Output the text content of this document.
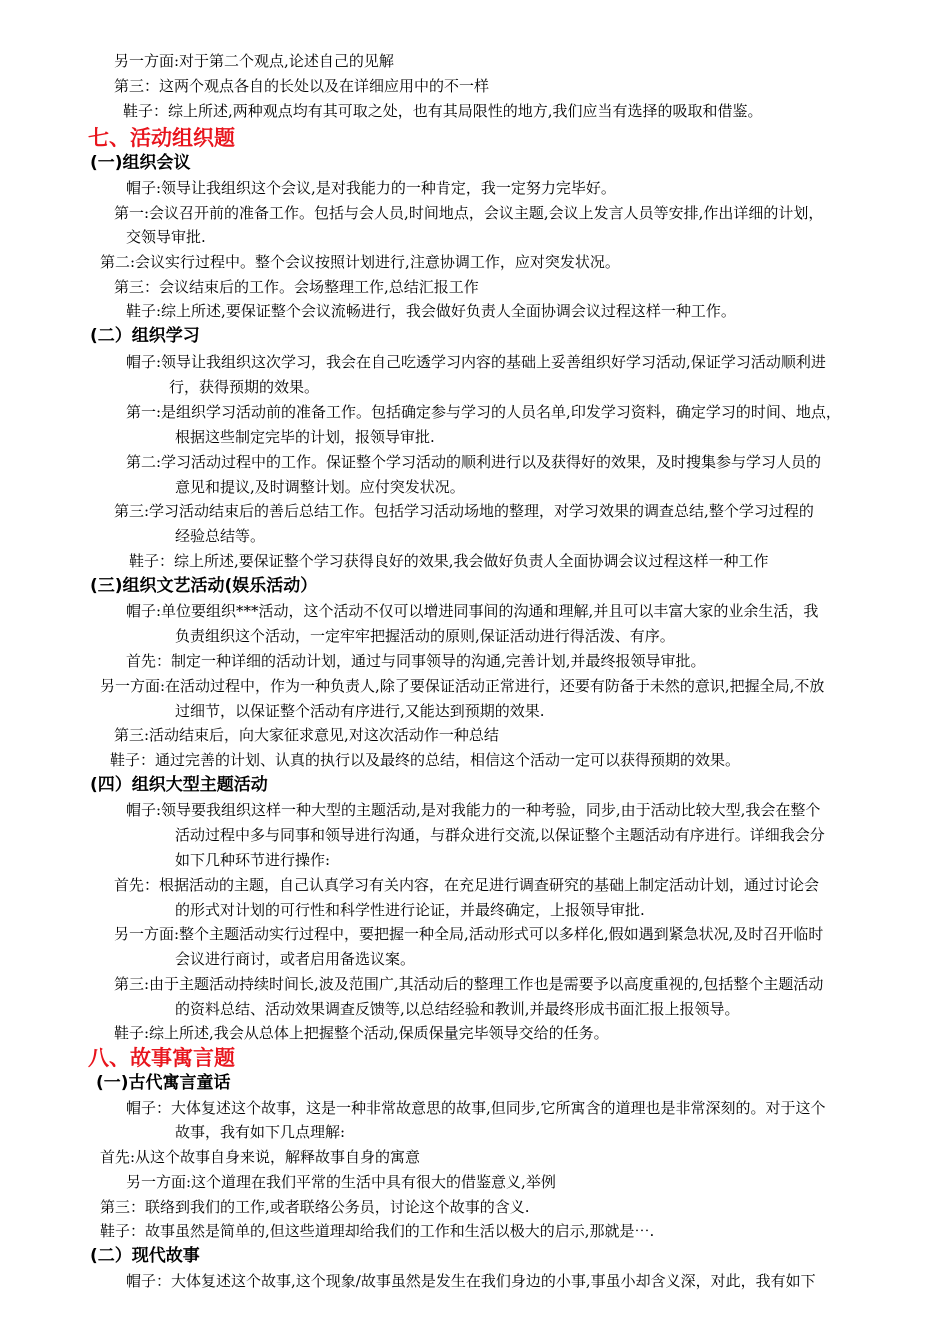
另一方面:对于第二个观点,论述自己的见解
第三：这两个观点各自的长处以及在详细应用中的不一样
鞋子：综上所述,两种观点均有其可取之处，也有其局限性的地方,我们应当有选择的吸取和借鉴。
七、活动组织题
(一)组织会议
帽子:领导让我组织这个会议,是对我能力的一种肯定，我一定努力完毕好。
第一:会议召开前的准备工作。包括与会人员,时间地点，会议主题,会议上发言人员等安排,作出详细的计划，
交领导审批.
第二:会议实行过程中。整个会议按照计划进行,注意协调工作，应对突发状况。
第三：会议结束后的工作。会场整理工作,总结汇报工作
鞋子:综上所述,要保证整个会议流畅进行，我会做好负责人全面协调会议过程这样一种工作。
(二）组织学习
帽子:领导让我组织这次学习，我会在自己吃透学习内容的基础上妥善组织好学习活动,保证学习活动顺利进
行，获得预期的效果。
第一:是组织学习活动前的准备工作。包括确定参与学习的人员名单,印发学习资料，确定学习的时间、地点，
根据这些制定完毕的计划，报领导审批.
第二:学习活动过程中的工作。保证整个学习活动的顺利进行以及获得好的效果，及时搜集参与学习人员的
意见和提议,及时调整计划。应付突发状况。
第三:学习活动结束后的善后总结工作。包括学习活动场地的整理，对学习效果的调查总结,整个学习过程的
经验总结等。
鞋子：综上所述,要保证整个学习获得良好的效果,我会做好负责人全面协调会议过程这样一种工作
(三)组织文艺活动(娱乐活动）
帽子:单位要组织***活动，这个活动不仅可以增进同事间的沟通和理解,并且可以丰富大家的业余生活，我
负责组织这个活动，一定牢牢把握活动的原则,保证活动进行得活泼、有序。
首先：制定一种详细的活动计划，通过与同事领导的沟通,完善计划,并最终报领导审批。
另一方面:在活动过程中，作为一种负责人,除了要保证活动正常进行，还要有防备于未然的意识,把握全局,不放
过细节，以保证整个活动有序进行,又能达到预期的效果.
第三:活动结束后，向大家征求意见,对这次活动作一种总结
鞋子：通过完善的计划、认真的执行以及最终的总结，相信这个活动一定可以获得预期的效果。
(四）组织大型主题活动
帽子:领导要我组织这样一种大型的主题活动,是对我能力的一种考验，同步,由于活动比较大型,我会在整个
活动过程中多与同事和领导进行沟通，与群众进行交流,以保证整个主题活动有序进行。详细我会分
如下几种环节进行操作:
首先：根据活动的主题，自己认真学习有关内容，在充足进行调查研究的基础上制定活动计划，通过讨论会
的形式对计划的可行性和科学性进行论证，并最终确定，上报领导审批.
另一方面:整个主题活动实行过程中，要把握一种全局,活动形式可以多样化,假如遇到紧急状况,及时召开临时
会议进行商讨，或者启用备选议案。
第三:由于主题活动持续时间长,波及范围广,其活动后的整理工作也是需要予以高度重视的,包括整个主题活动
的资料总结、活动效果调查反馈等,以总结经验和教训,并最终形成书面汇报上报领导。
鞋子:综上所述,我会从总体上把握整个活动,保质保量完毕领导交给的任务。
八、故事寓言题
(一)古代寓言童话
帽子：大体复述这个故事，这是一种非常故意思的故事,但同步,它所寓含的道理也是非常深刻的。对于这个
故事，我有如下几点理解:
首先:从这个故事自身来说，解释故事自身的寓意
另一方面:这个道理在我们平常的生活中具有很大的借鉴意义,举例
第三：联络到我们的工作,或者联络公务员，讨论这个故事的含义.
鞋子：故事虽然是简单的,但这些道理却给我们的工作和生活以极大的启示,那就是⋯.
(二）现代故事
帽子：大体复述这个故事,这个现象/故事虽然是发生在我们身边的小事,事虽小却含义深，对此，我有如下
